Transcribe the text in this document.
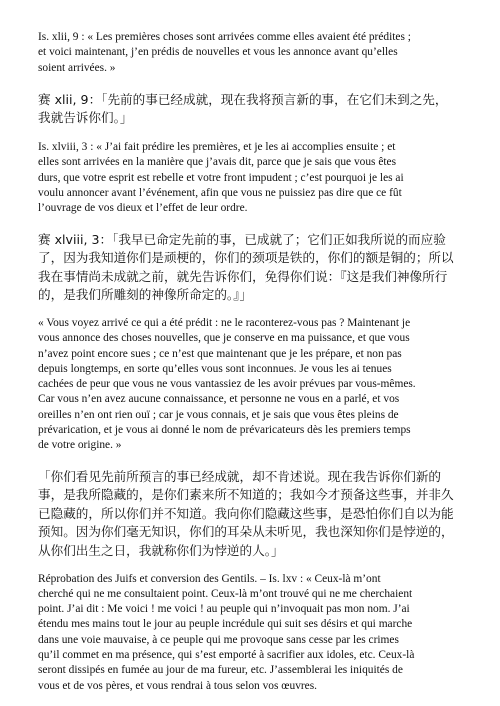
Is. xlii, 9 : « Les premières choses sont arrivées comme elles avaient été prédites ;
et voici maintenant, j’en prédis de nouvelles et vous les annonce avant qu’elles
soient arrivées. »

赛 xlii, 9：「先前的事已经成就，现在我将预言新的事，在它们未到之先，
我就告诉你们。」

Is. xlviii, 3 : « J’ai fait prédire les premières, et je les ai accomplies ensuite ; et
elles sont arrivées en la manière que j’avais dit, parce que je sais que vous êtes
durs, que votre esprit est rebelle et votre front impudent ; c’est pourquoi je les ai
voulu annoncer avant l’événement, afin que vous ne puissiez pas dire que ce fût
l’ouvrage de vos dieux et l’effet de leur ordre.

赛 xlviii, 3：「我早已命定先前的事，已成就了；它们正如我所说的而应验
了，因为我知道你们是顽梗的，你们的颈项是铁的，你们的额是铜的；所以
我在事情尚未成就之前，就先告诉你们，免得你们说：『这是我们神像所行
的，是我们所雕刻的神像所命定的。』」

« Vous voyez arrivé ce qui a été prédit : ne le raconterez-vous pas ? Maintenant je
vous annonce des choses nouvelles, que je conserve en ma puissance, et que vous
n’avez point encore sues ; ce n’est que maintenant que je les prépare, et non pas
depuis longtemps, en sorte qu’elles vous sont inconnues. Je vous les ai tenues
cachées de peur que vous ne vous vantassiez de les avoir prévues par vous-mêmes.
Car vous n’en avez aucune connaissance, et personne ne vous en a parlé, et vos
oreilles n’en ont rien ouï ; car je vous connais, et je sais que vous êtes pleins de
prévarication, et je vous ai donné le nom de prévaricateurs dès les premiers temps
de votre origine. »

「你们看见先前所预言的事已经成就，却不肯述说。现在我告诉你们新的
事，是我所隐藏的，是你们素来所不知道的；我如今才预备这些事，并非久
已隐藏的，所以你们并不知道。我向你们隐藏这些事，是恐怕你们自以为能
预知。因为你们毫无知识，你们的耳朵从未听见，我也深知你们是悖逆的，
从你们出生之日，我就称你们为悖逆的人。」

Réprobation des Juifs et conversion des Gentils. – Is. lxv : « Ceux-là m’ont
cherché qui ne me consultaient point. Ceux-là m’ont trouvé qui ne me cherchaient
point. J’ai dit : Me voici ! me voici ! au peuple qui n’invoquait pas mon nom. J’ai
étendu mes mains tout le jour au peuple incrédule qui suit ses désirs et qui marche
dans une voie mauvaise, à ce peuple qui me provoque sans cesse par les crimes
qu’il commet en ma présence, qui s’est emporté à sacrifier aux idoles, etc. Ceux-là
seront dissipés en fumée au jour de ma fureur, etc. J’assemblerai les iniquités de
vous et de vos pères, et vous rendrai à tous selon vos œuvres.
